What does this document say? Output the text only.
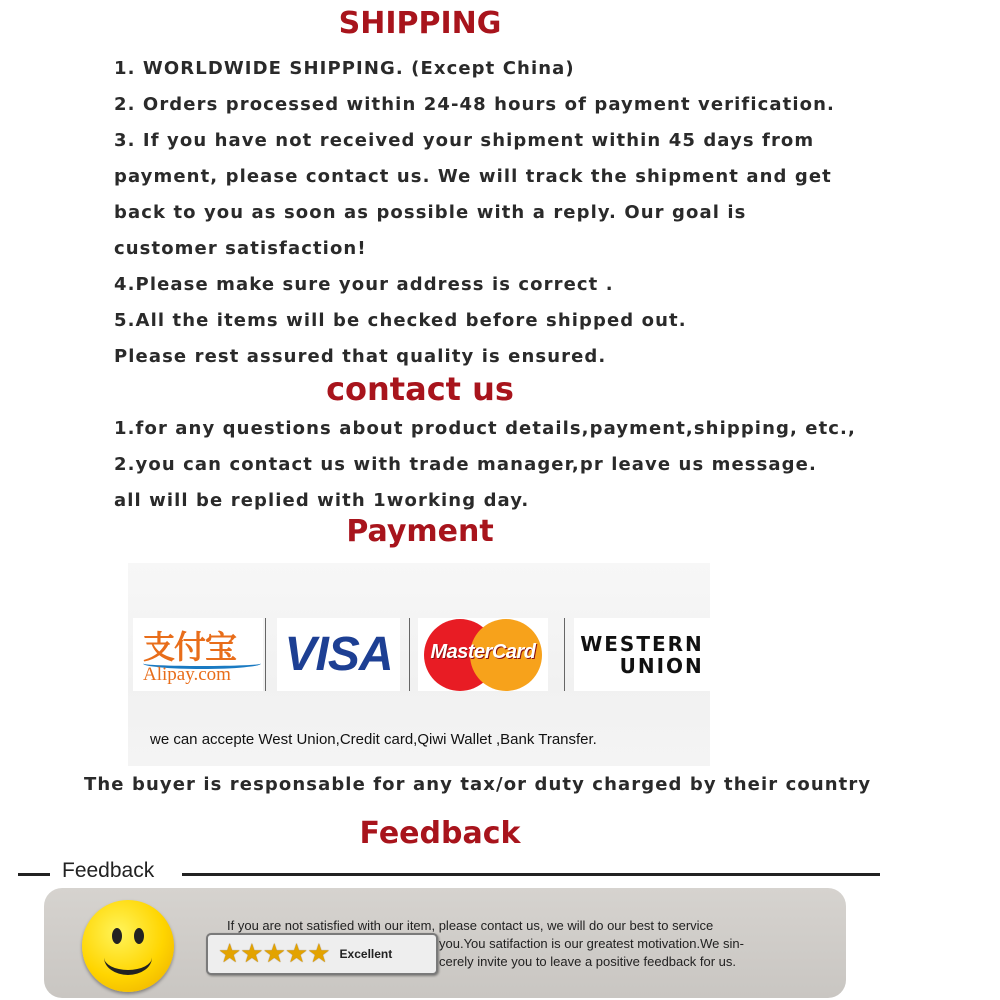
SHIPPING

1. WORLDWIDE SHIPPING. (Except China)

2. Orders processed within 24-48 hours of payment verification.

3. If you have not received your shipment within 45 days from

payment, please contact us. We will track the shipment and get

back to you as soon as possible with a reply. Our goal is

customer satisfaction!

4.Please make sure your address is correct .

5.All the items will be checked before shipped out.

Please rest assured that quality is ensured.

contact us

1.for any questions about product details,payment,shipping, etc.,

2.you can contact us with trade manager,pr leave us message.

all will be replied with 1working day.

Payment
支付宝
Alipay.com VISA	MasterCard	WESTERN
UNION
we can accepte West Union,Credit card,Qiwi Wallet ,Bank Transfer.
The buyer is responsable for any tax/or duty charged by their country
Feedback
Feedback
★★★★★ Excellent
If you are not satisfied with our item, please contact us, we will do our best to service
you.You satifaction is our greatest motivation.We sin-
cerely invite you to leave a positive feedback for us.
